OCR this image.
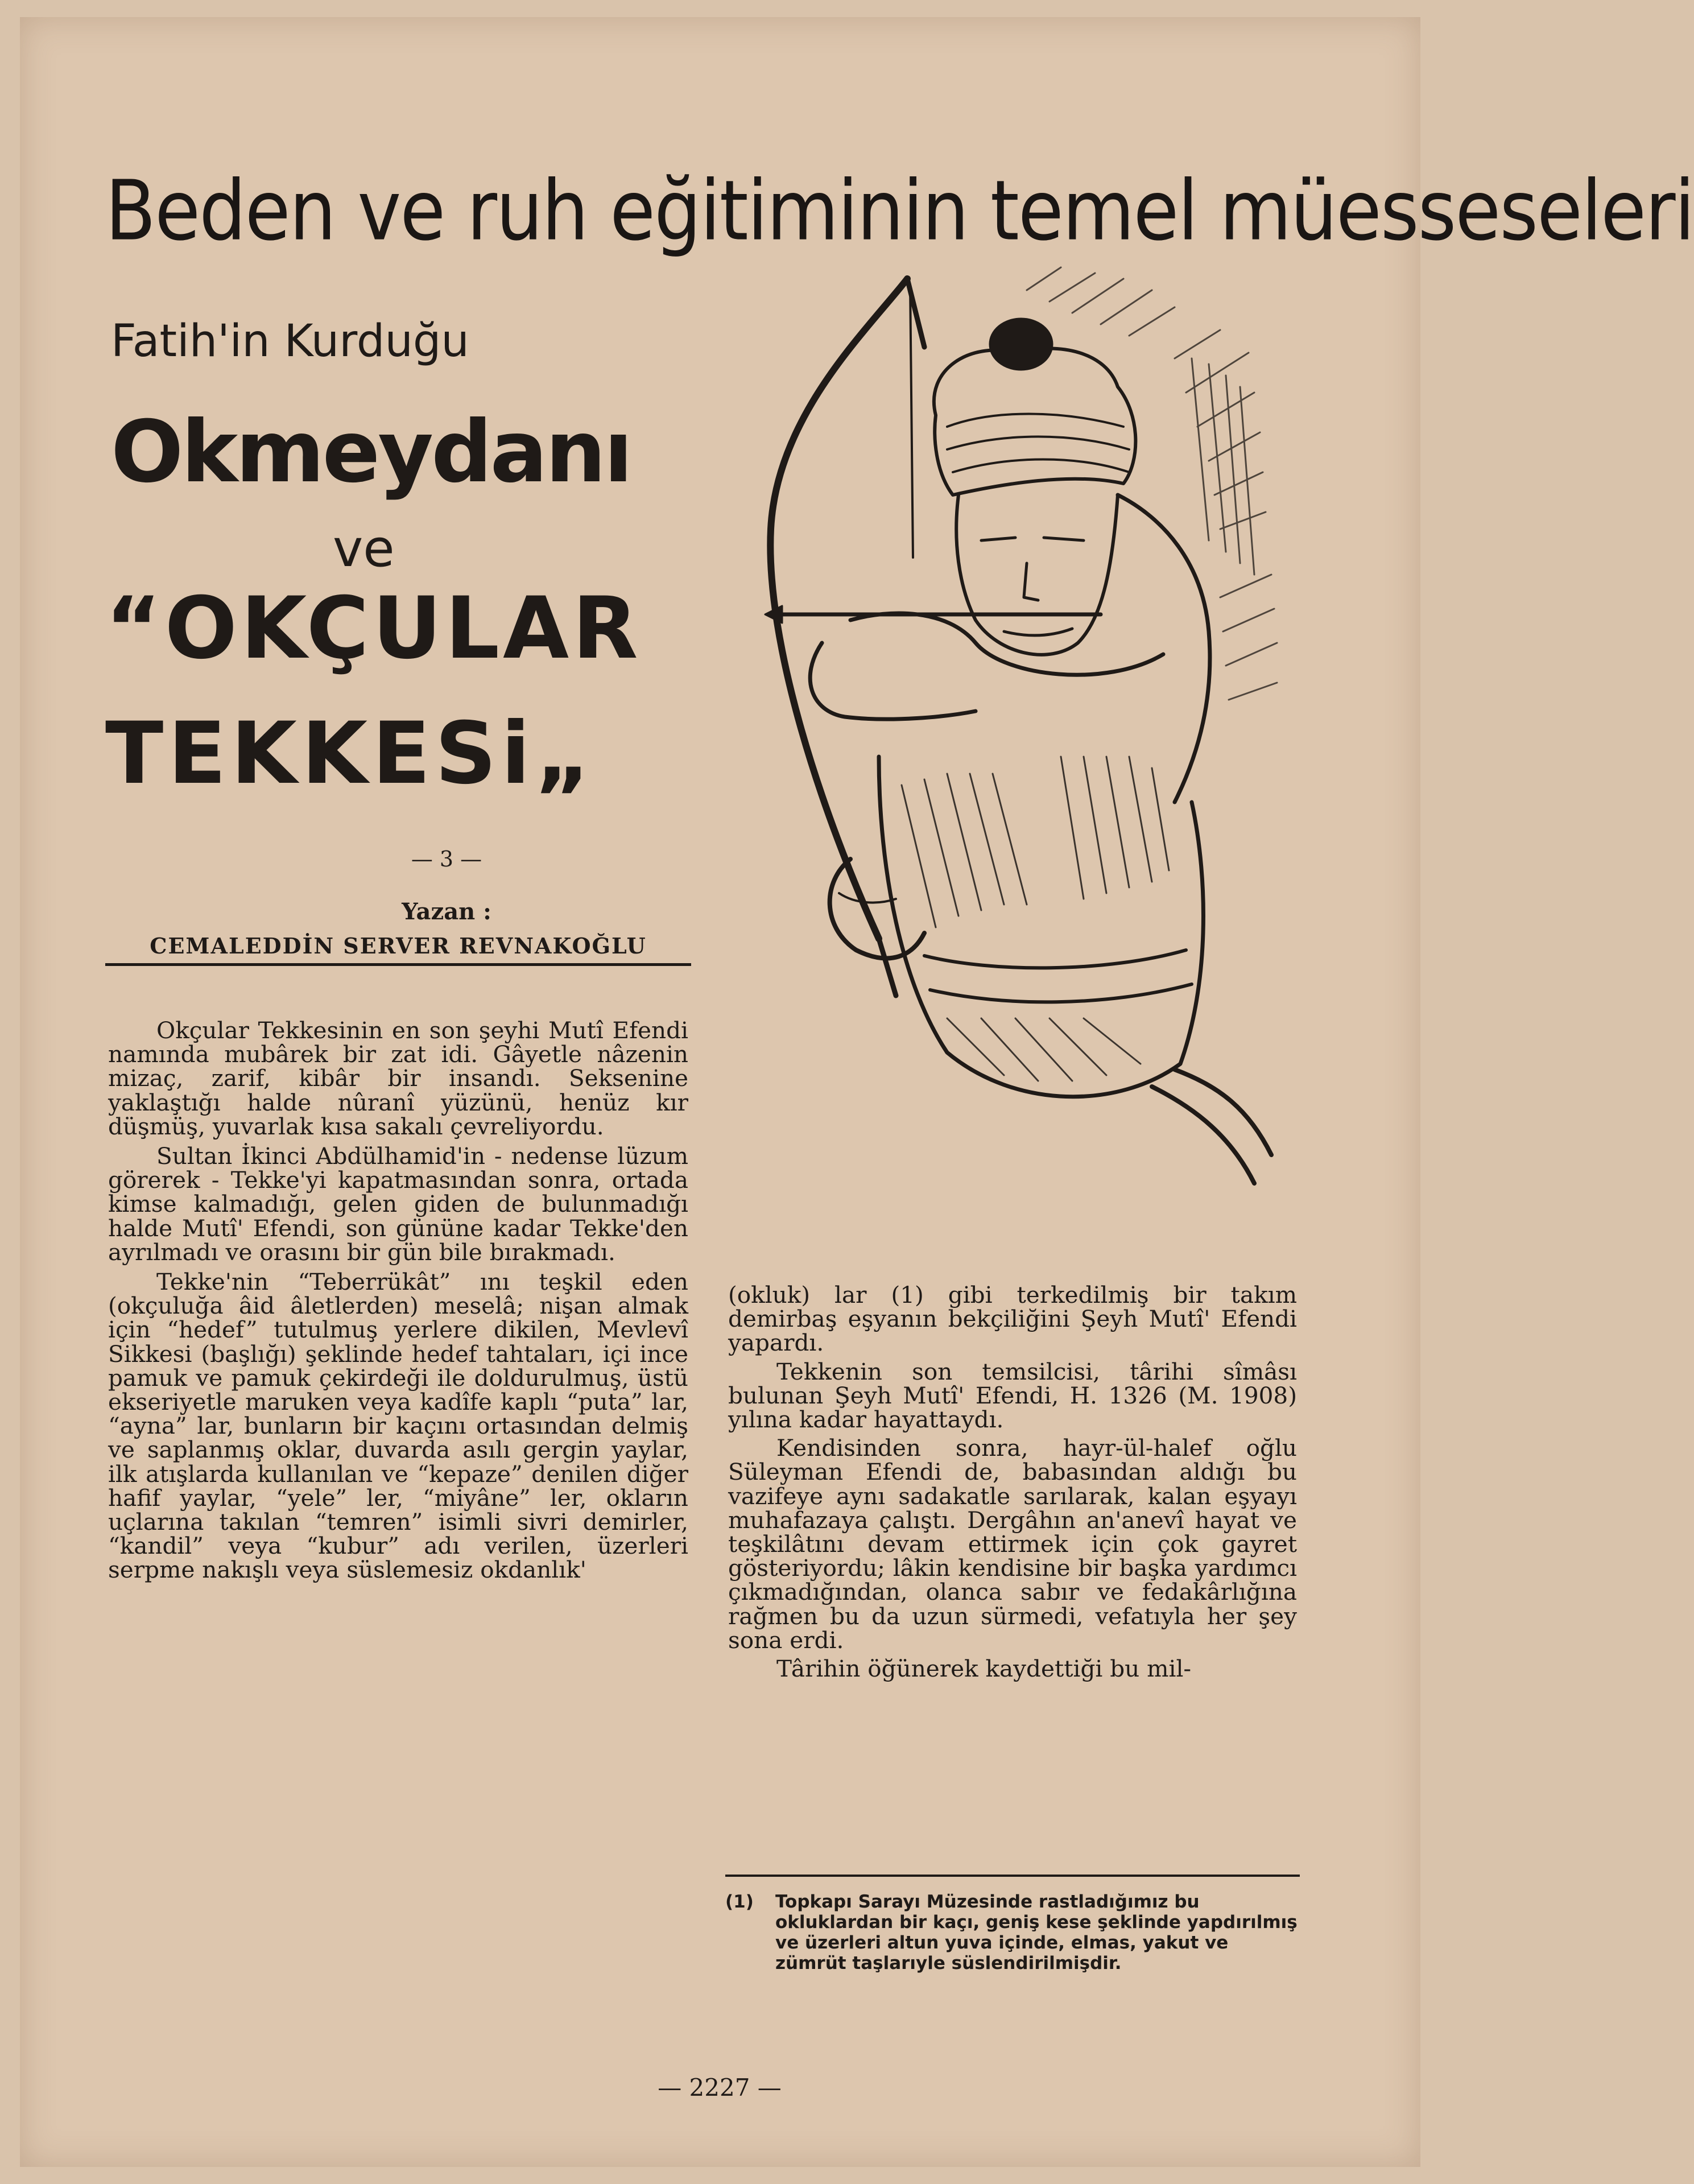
Beden ve ruh eğitiminin temel müesseseleri
Fatih'in Kurduğu
Okmeydanı
ve
“OKÇULAR
TEKKESi„
— 3 —
Yazan :
CEMALEDDİN SERVER REVNAKOĞLU

Okçular Tekkesinin en son şeyhi Mutî Efendi namında mubârek bir zat idi. Gâyetle nâzenin mizaç, zarif, kibâr bir insandı. Seksenine yaklaştığı halde nûranî yüzünü, henüz kır düşmüş, yuvarlak kısa sakalı çevreliyordu.

Sultan İkinci Abdülhamid'in - nedense lüzum görerek - Tekke'yi kapatmasından sonra, ortada kimse kalmadığı, gelen giden de bulunmadığı halde Mutî' Efendi, son gününe kadar Tekke'den ayrılmadı ve orasını bir gün bile bırakmadı.

Tekke'nin “Teberrükât” ını teşkil eden (okçuluğa âid âletlerden) meselâ; nişan almak için “hedef” tutulmuş yerlere dikilen, Mevlevî Sikkesi (başlığı) şeklinde hedef tahtaları, içi ince pamuk ve pamuk çekirdeği ile doldurulmuş, üstü ekseriyetle maruken veya kadîfe kaplı “puta” lar, “ayna” lar, bunların bir kaçını ortasından delmiş ve saplanmış oklar, duvarda asılı gergin yaylar, ilk atışlarda kullanılan ve “kepaze” denilen diğer hafif yaylar, “yele” ler, “miyâne” ler, okların uçlarına takılan “temren” isimli sivri demirler, “kandil” veya “kubur” adı verilen, üzerleri serpme nakışlı veya süslemesiz okdanlık'

(okluk) lar (1) gibi terkedilmiş bir takım demirbaş eşyanın bekçiliğini Şeyh Mutî' Efendi yapardı.

Tekkenin son temsilcisi, târihi sîmâsı bulunan Şeyh Mutî' Efendi, H. 1326 (M. 1908) yılına kadar hayattaydı.

Kendisinden sonra, hayr-ül-halef oğlu Süleyman Efendi de, babasından aldığı bu vazifeye aynı sadakatle sarılarak, kalan eşyayı muhafazaya çalıştı. Dergâhın an'anevî hayat ve teşkilâtını devam ettirmek için çok gayret gösteriyordu; lâkin kendisine bir başka yardımcı çıkmadığından, olanca sabır ve fedakârlığına rağmen bu da uzun sürmedi, vefatıyla her şey sona erdi.

Târihin öğünerek kaydettiği bu mil-

(1)	Topkapı Sarayı Müzesinde rastladığımız bu okluklardan bir kaçı, geniş kese şeklinde yapdırılmış ve üzerleri altun yuva içinde, elmas, yakut ve zümrüt taşlarıyle süslendirilmişdir.
— 2227 —
